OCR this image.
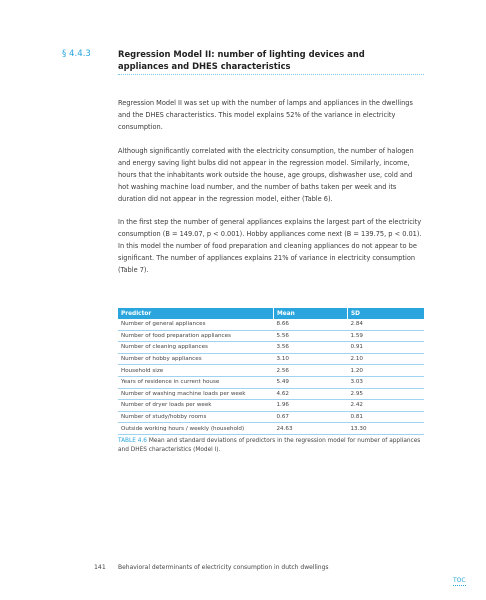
§ 4.4.3	Regression Model II: number of lighting devices and
appliances and DHES characteristics
Regression Model II was set up with the number of lamps and appliances in the dwellings and the DHES characteristics. This model explains 52% of the variance in electricity consumption.
Although significantly correlated with the electricity consumption, the number of halogen and energy saving light bulbs did not appear in the regression model. Similarly, income, hours that the inhabitants work outside the house, age groups, dishwasher use, cold and hot washing machine load number, and the number of baths taken per week and its duration did not appear in the regression model, either (Table 6).
In the first step the number of general appliances explains the largest part of the electricity consumption (B = 149.07, p < 0.001). Hobby appliances come next (B = 139.75, p < 0.01). In this model the number of food preparation and cleaning appliances do not appear to be significant. The number of appliances explains 21% of variance in electricity consumption (Table 7).
Predictor	Mean	SD
Number of general appliances	8.66	2.84
Number of food preparation appliances	5.56	1.59
Number of cleaning appliances	3.56	0.91
Number of hobby appliances	3.10	2.10
Household size	2.56	1.20
Years of residence in current house	5.49	3.03
Number of washing machine loads per week	4.62	2.95
Number of dryer loads per week	1.96	2.42
Number of study/hobby rooms	0.67	0.81
Outside working hours / weekly (household)	24.63	13.30
TABLE 4.6 Mean and standard deviations of predictors in the regression model for number of appliances and DHES characteristics (Model I).
141 Behavioral determinants of electricity consumption in dutch dwellings
TOC
